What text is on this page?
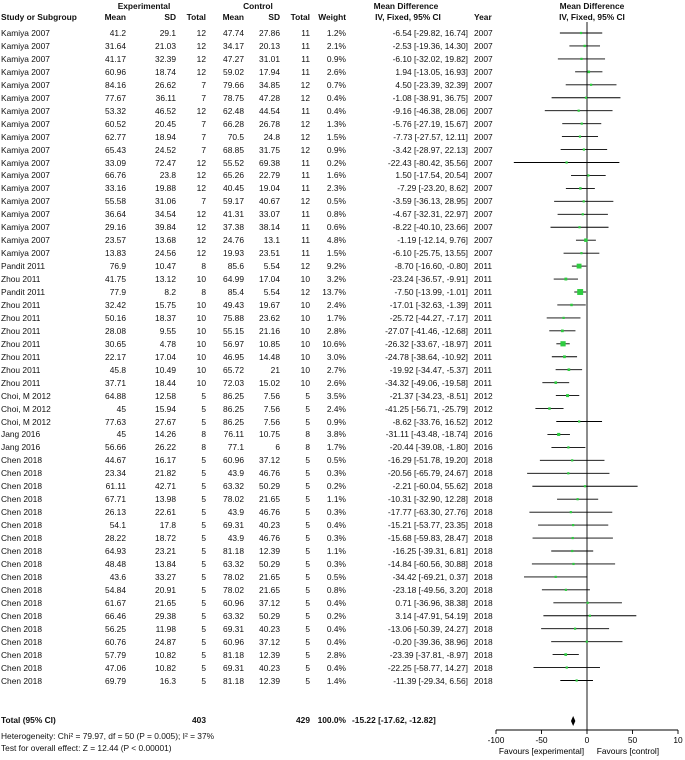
Experimental	Control	Mean Difference	Mean Difference
Study or Subgroup	Mean	SD	Total	Mean	SD	Total Weight	IV, Fixed, 95% CI	Year	IV, Fixed, 95% CI
Kamiya 2007	41.2	29.1	12	47.74	27.86	11	1.2%	-6.54 [-29.82, 16.74] 2007
Kamiya 2007	31.64	21.03	12	34.17	20.13	11	2.1%	-2.53 [-19.36, 14.30] 2007
Kamiya 2007	41.17	32.39	12	47.27	31.01	11	0.9%	-6.10 [-32.02, 19.82] 2007
Kamiya 2007	60.96	18.74	12	59.02	17.94	11	2.6%	1.94 [-13.05, 16.93] 2007
Kamiya 2007	84.16	26.62	7	79.66	34.85	12	0.7%	4.50 [-23.39, 32.39] 2007
Kamiya 2007	77.67	36.11	7	78.75	47.28	12	0.4%	-1.08 [-38.91, 36.75] 2007
Kamiya 2007	53.32	46.52	12	62.48	44.54	11	0.4%	-9.16 [-46.38, 28.06] 2007
Kamiya 2007	60.52	20.45	7	66.28	26.78	12	1.3%	-5.76 [-27.19, 15.67] 2007
Kamiya 2007	62.77	18.94	7	70.5	24.8	12	1.5%	-7.73 [-27.57, 12.11] 2007
Kamiya 2007	65.43	24.52	7	68.85	31.75	12	0.9%	-3.42 [-28.97, 22.13] 2007
Kamiya 2007	33.09	72.47	12	55.52	69.38	11	0.2%	-22.43 [-80.42, 35.56] 2007
Kamiya 2007	66.76	23.8	12	65.26	22.79	11	1.6%	1.50 [-17.54, 20.54] 2007
Kamiya 2007	33.16	19.88	12	40.45	19.04	11	2.3%	-7.29 [-23.20, 8.62] 2007
Kamiya 2007	55.58	31.06	7	59.17	40.67	12	0.5%	-3.59 [-36.13, 28.95] 2007
Kamiya 2007	36.64	34.54	12	41.31	33.07	11	0.8%	-4.67 [-32.31, 22.97] 2007
Kamiya 2007	29.16	39.84	12	37.38	38.14	11	0.6%	-8.22 [-40.10, 23.66] 2007
Kamiya 2007	23.57	13.68	12	24.76	13.1	11	4.8%	-1.19 [-12.14, 9.76] 2007
Kamiya 2007	13.83	24.56	12	19.93	23.51	11	1.5%	-6.10 [-25.75, 13.55] 2007
Pandit 2011	76.9	10.47	8	85.6	5.54	12	9.2%	-8.70 [-16.60, -0.80] 2011
Zhou 2011	41.75	13.12	10	64.99	17.04	10	3.2%	-23.24 [-36.57, -9.91] 2011
Pandit 2011	77.9	8.2	8	85.4	5.54	12	13.7%	-7.50 [-13.99, -1.01] 2011
Zhou 2011	32.42	15.75	10	49.43	19.67	10	2.4%	-17.01 [-32.63, -1.39] 2011
Zhou 2011	50.16	18.37	10	75.88	23.62	10	1.7%	-25.72 [-44.27, -7.17] 2011
Zhou 2011	28.08	9.55	10	55.15	21.16	10	2.8%	-27.07 [-41.46, -12.68] 2011
Zhou 2011	30.65	4.78	10	56.97	10.85	10	10.6%	-26.32 [-33.67, -18.97] 2011
Zhou 2011	22.17	17.04	10	46.95	14.48	10	3.0%	-24.78 [-38.64, -10.92] 2011
Zhou 2011	45.8	10.49	10	65.72	21	10	2.7%	-19.92 [-34.47, -5.37] 2011
Zhou 2011	37.71	18.44	10	72.03	15.02	10	2.6%	-34.32 [-49.06, -19.58] 2011
Choi, M 2012	64.88	12.58	5	86.25	7.56	5	3.5%	-21.37 [-34.23, -8.51] 2012
Choi, M 2012	45	15.94	5	86.25	7.56	5	2.4%	-41.25 [-56.71, -25.79] 2012
Choi, M 2012	77.63	27.67	5	86.25	7.56	5	0.9%	-8.62 [-33.76, 16.52] 2012
Jang 2016	45	14.26	8	76.11	10.75	8	3.8%	-31.11 [-43.48, -18.74] 2016
Jang 2016	56.66	26.22	8	77.1	6	8	1.7%	-20.44 [-39.08, -1.80] 2016
Chen 2018	44.67	16.17	5	60.96	37.12	5	0.5%	-16.29 [-51.78, 19.20] 2018
Chen 2018	23.34	21.82	5	43.9	46.76	5	0.3%	-20.56 [-65.79, 24.67] 2018
Chen 2018	61.11	42.71	5	63.32	50.29	5	0.2%	-2.21 [-60.04, 55.62] 2018
Chen 2018	67.71	13.98	5	78.02	21.65	5	1.1%	-10.31 [-32.90, 12.28] 2018
Chen 2018	26.13	22.61	5	43.9	46.76	5	0.3%	-17.77 [-63.30, 27.76] 2018
Chen 2018	54.1	17.8	5	69.31	40.23	5	0.4%	-15.21 [-53.77, 23.35] 2018
Chen 2018	28.22	18.72	5	43.9	46.76	5	0.3%	-15.68 [-59.83, 28.47] 2018
Chen 2018	64.93	23.21	5	81.18	12.39	5	1.1%	-16.25 [-39.31, 6.81] 2018
Chen 2018	48.48	13.84	5	63.32	50.29	5	0.3%	-14.84 [-60.56, 30.88] 2018
Chen 2018	43.6	33.27	5	78.02	21.65	5	0.5%	-34.42 [-69.21, 0.37] 2018
Chen 2018	54.84	20.91	5	78.02	21.65	5	0.8%	-23.18 [-49.56, 3.20] 2018
Chen 2018	61.67	21.65	5	60.96	37.12	5	0.4%	0.71 [-36.96, 38.38] 2018
Chen 2018	66.46	29.38	5	63.32	50.29	5	0.2%	3.14 [-47.91, 54.19] 2018
Chen 2018	56.25	11.98	5	69.31	40.23	5	0.4%	-13.06 [-50.39, 24.27] 2018
Chen 2018	60.76	24.87	5	60.96	37.12	5	0.4%	-0.20 [-39.36, 38.96] 2018
Chen 2018	57.79	10.82	5	81.18	12.39	5	2.8%	-23.39 [-37.81, -8.97] 2018
Chen 2018	47.06	10.82	5	69.31	40.23	5	0.4%	-22.25 [-58.77, 14.27] 2018
Chen 2018	69.79	16.3	5	81.18	12.39	5	1.4%	-11.39 [-29.34, 6.56] 2018
Total (95% CI)	403	429 100.0% -15.22 [-17.62, -12.82]
Heterogeneity: Chi² = 79.97, df = 50 (P = 0.005); I² = 37%
Test for overall effect: Z = 12.44 (P < 0.00001)
-100	-50	0	50	10
Favours [experimental] Favours [control]
